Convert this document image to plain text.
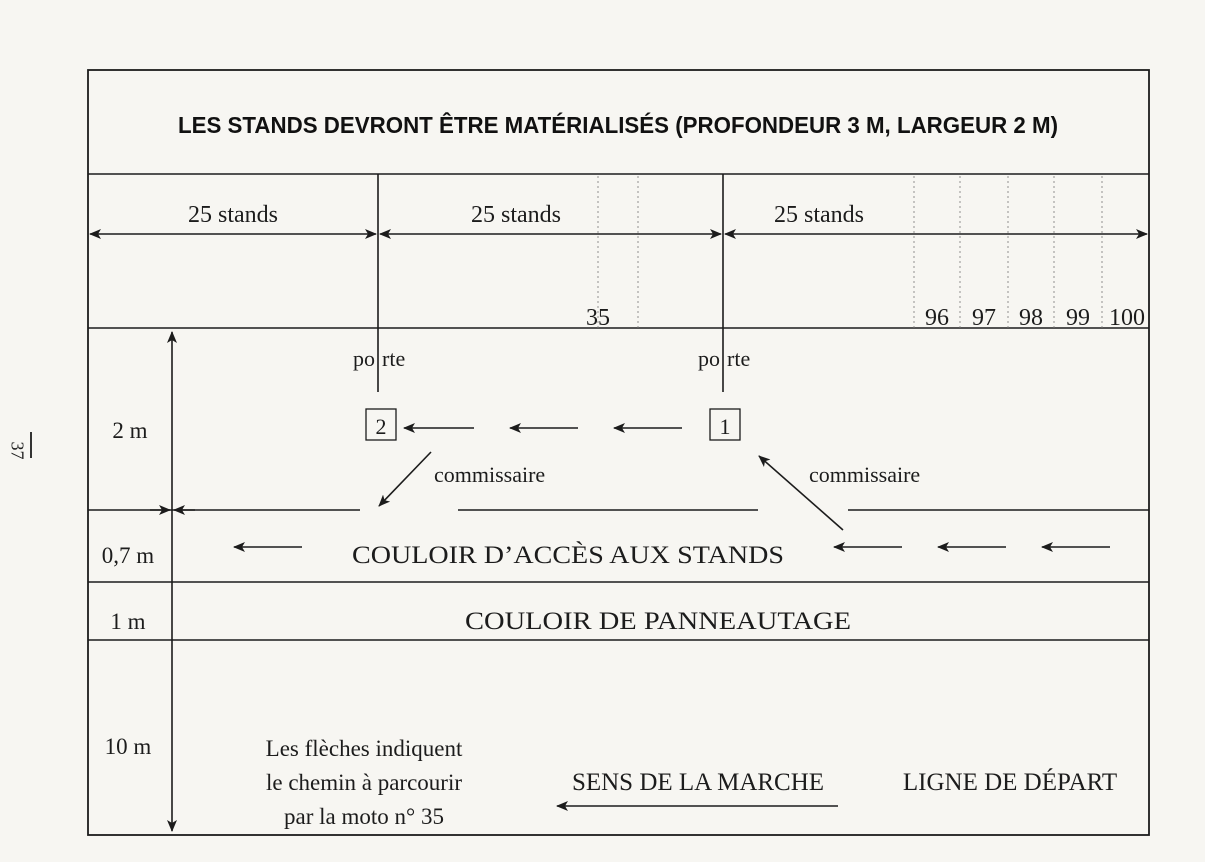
LES STANDS DEVRONT ÊTRE MATÉRIALISÉS (PROFONDEUR 3 M, LARGEUR 2 M)
25 stands	25 stands	25 stands
35	96 97 98 99 100
po rte	po rte
2	1
commissaire	commissaire
2 m
0,7 m
1 m
10 m
COULOIR D’ACCÈS AUX STANDS
COULOIR DE PANNEAUTAGE
Les flèches indiquent
le chemin à parcourir
par la moto n° 35
SENS DE LA MARCHE	LIGNE DE DÉPART
37
